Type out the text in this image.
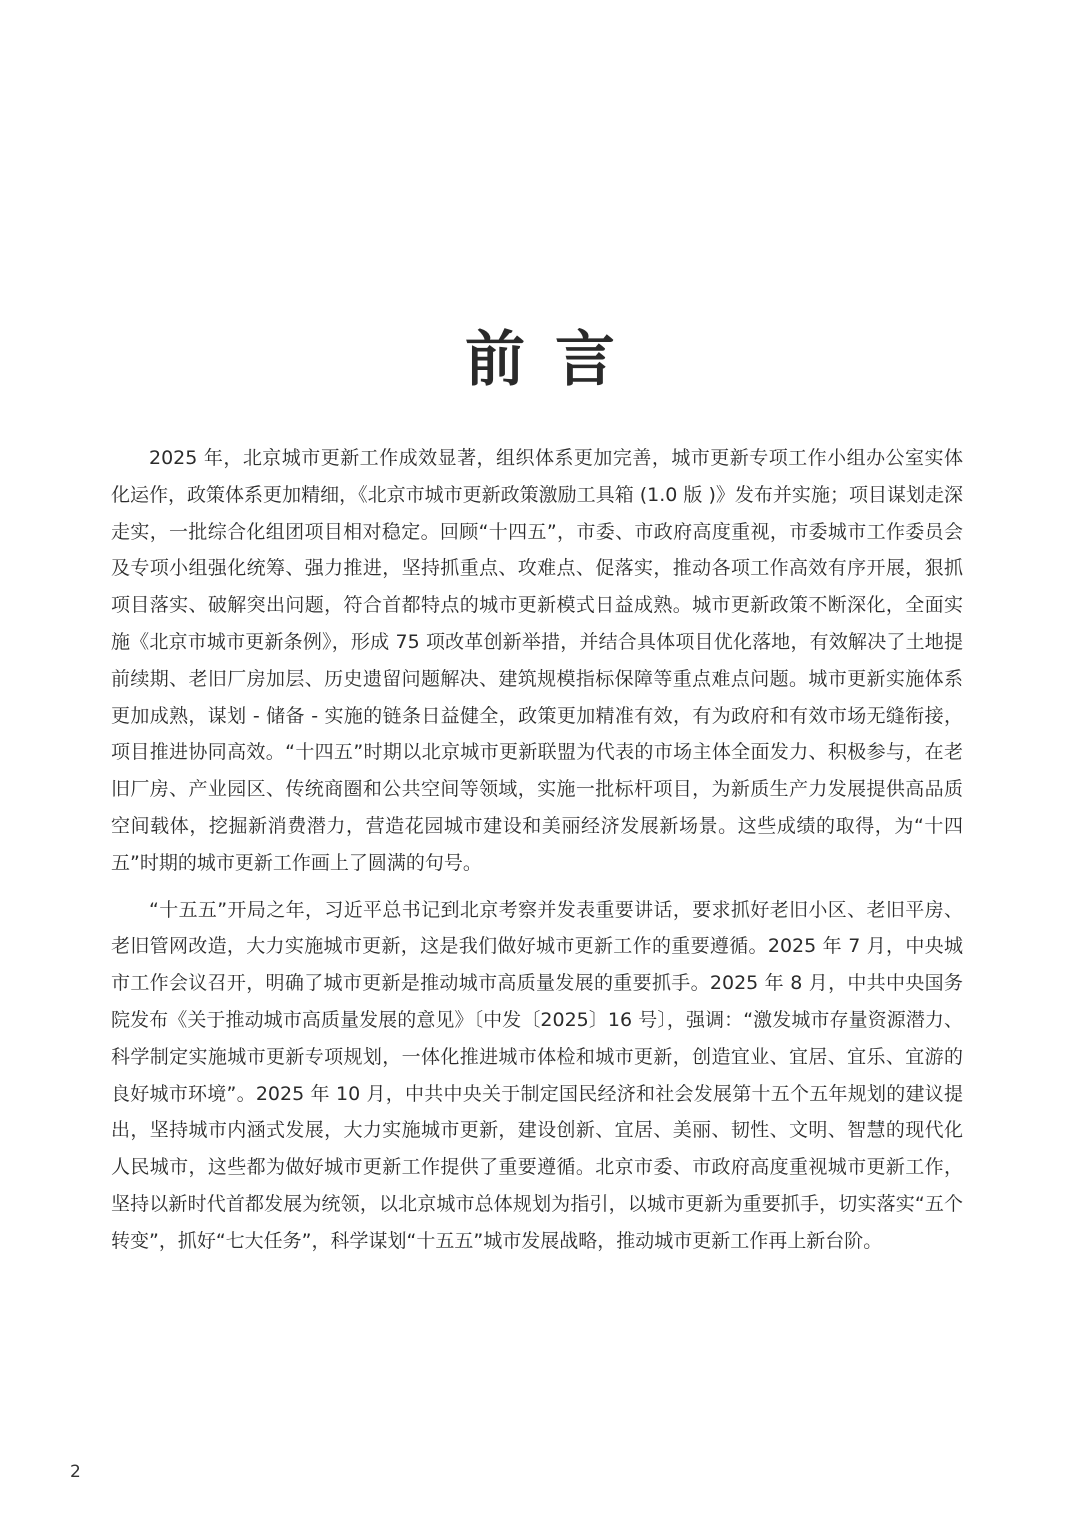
前言

2025 年，北京城市更新工作成效显著，组织体系更加完善，城市更新专项工作小组办公室实体化运作，政策体系更加精细，《北京市城市更新政策激励工具箱 (1.0 版 )》发布并实施；项目谋划走深走实，一批综合化组团项目相对稳定。回顾“十四五”，市委、市政府高度重视，市委城市工作委员会及专项小组强化统筹、强力推进，坚持抓重点、攻难点、促落实，推动各项工作高效有序开展，狠抓项目落实、破解突出问题，符合首都特点的城市更新模式日益成熟。城市更新政策不断深化，全面实施《北京市城市更新条例》，形成 75 项改革创新举措，并结合具体项目优化落地，有效解决了土地提前续期、老旧厂房加层、历史遗留问题解决、建筑规模指标保障等重点难点问题。城市更新实施体系更加成熟，谋划 - 储备 - 实施的链条日益健全，政策更加精准有效，有为政府和有效市场无缝衔接，项目推进协同高效。“十四五”时期以北京城市更新联盟为代表的市场主体全面发力、积极参与，在老旧厂房、产业园区、传统商圈和公共空间等领域，实施一批标杆项目，为新质生产力发展提供高品质空间载体，挖掘新消费潜力，营造花园城市建设和美丽经济发展新场景。这些成绩的取得，为“十四五”时期的城市更新工作画上了圆满的句号。

“十五五”开局之年，习近平总书记到北京考察并发表重要讲话，要求抓好老旧小区、老旧平房、老旧管网改造，大力实施城市更新，这是我们做好城市更新工作的重要遵循。2025 年 7 月，中央城市工作会议召开，明确了城市更新是推动城市高质量发展的重要抓手。2025 年 8 月，中共中央国务院发布《关于推动城市高质量发展的意见》〔中发〔2025〕16 号〕，强调：“激发城市存量资源潜力、科学制定实施城市更新专项规划，一体化推进城市体检和城市更新，创造宜业、宜居、宜乐、宜游的良好城市环境”。2025 年 10 月，中共中央关于制定国民经济和社会发展第十五个五年规划的建议提出，坚持城市内涵式发展，大力实施城市更新，建设创新、宜居、美丽、韧性、文明、智慧的现代化人民城市，这些都为做好城市更新工作提供了重要遵循。北京市委、市政府高度重视城市更新工作，坚持以新时代首都发展为统领，以北京城市总体规划为指引，以城市更新为重要抓手，切实落实“五个转变”，抓好“七大任务”，科学谋划“十五五”城市发展战略，推动城市更新工作再上新台阶。

2
